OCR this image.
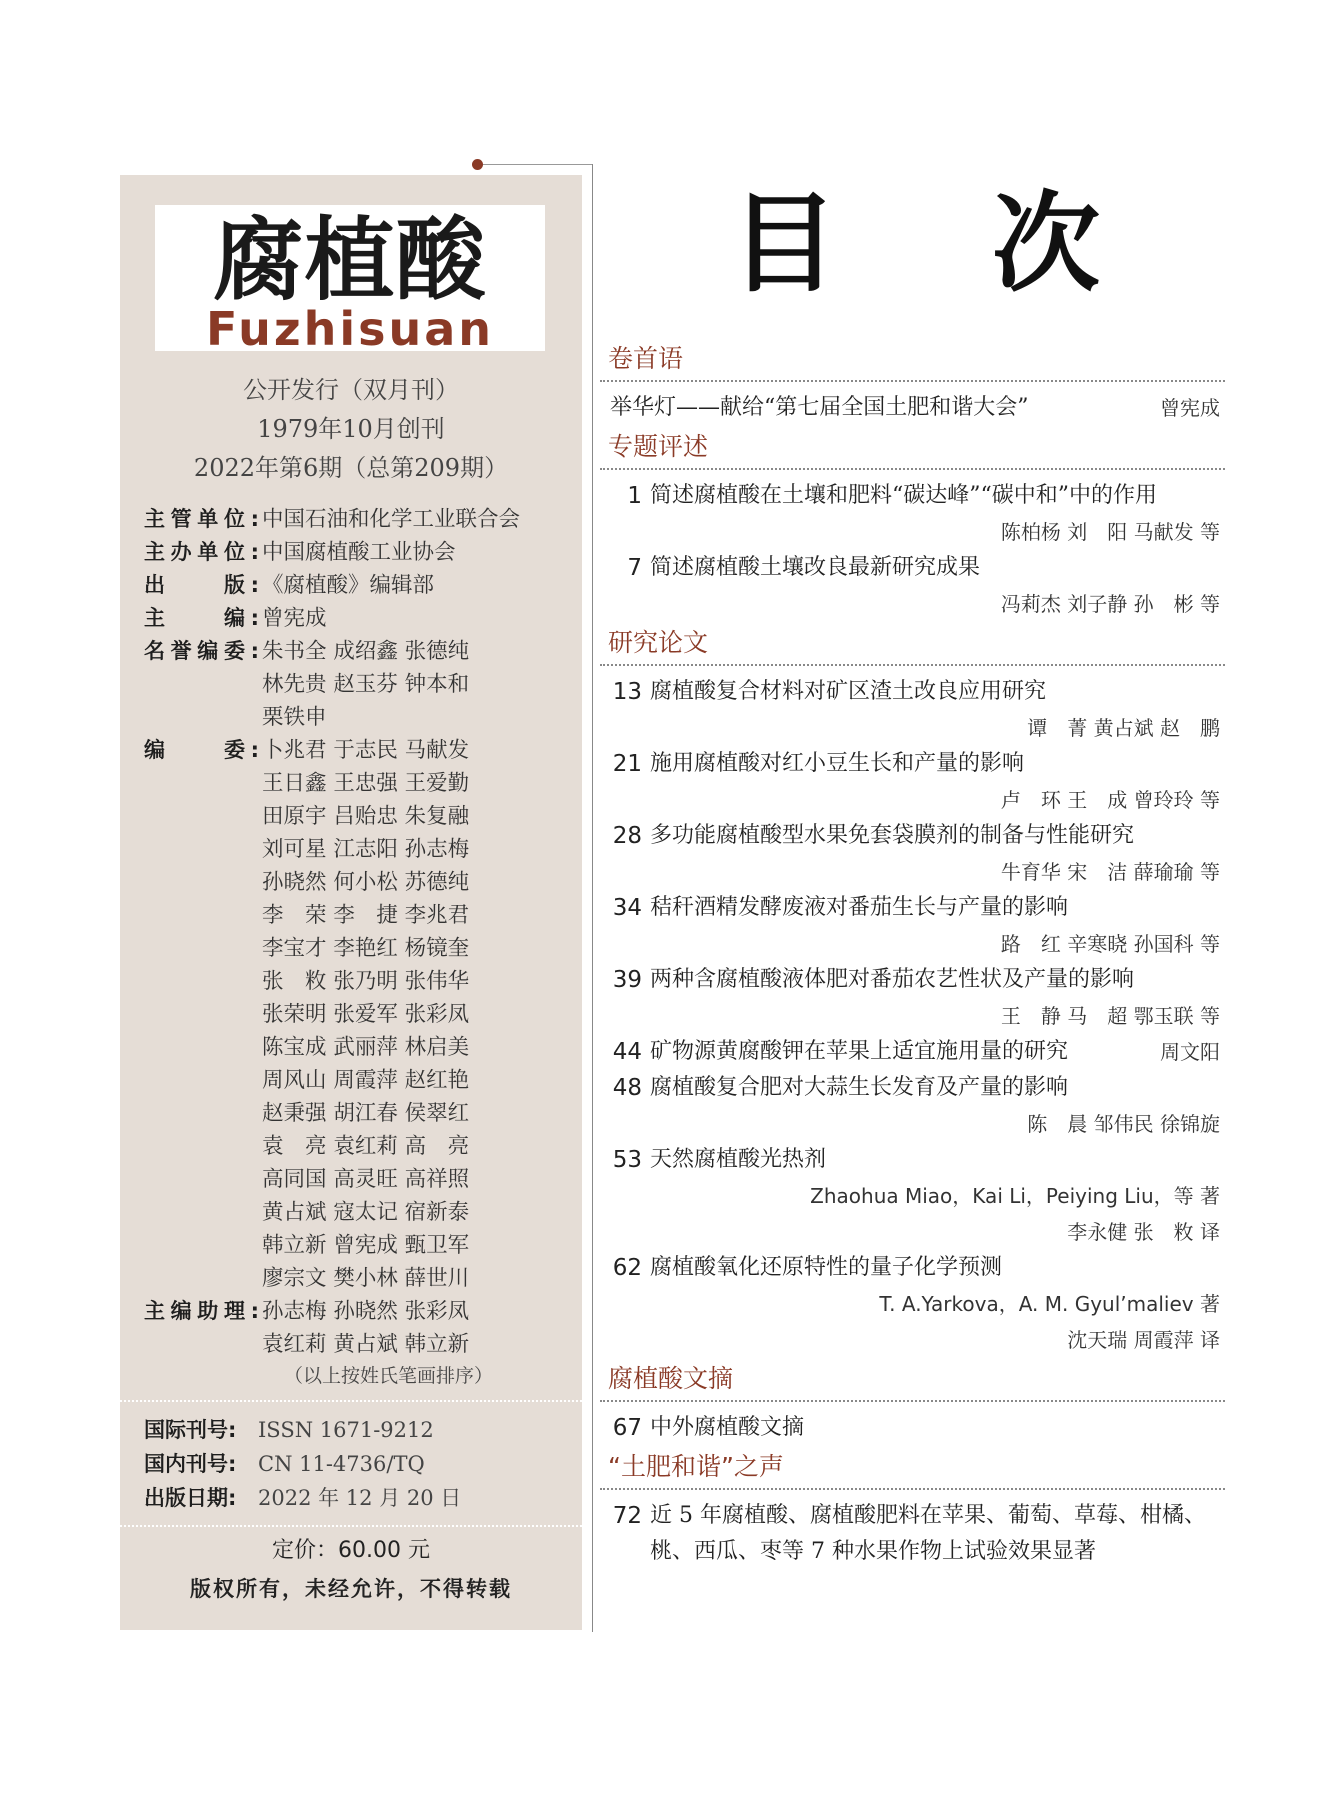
腐植酸
Fuzhisuan
公开发行（双月刊）
1979年10月创刊
2022年第6期（总第209期）
主管单位: 中国石油和化学工业联合会
主办单位: 中国腐植酸工业协会
出　　版: 《腐植酸》编辑部
主　　编: 曾宪成
名誉编委: 朱书全 成绍鑫 张德纯
林先贵 赵玉芬 钟本和
栗铁申
编　　委: 卜兆君 于志民 马献发
王日鑫 王忠强 王爱勤
田原宇 吕贻忠 朱复融
刘可星 江志阳 孙志梅
孙晓然 何小松 苏德纯
李　荣 李　捷 李兆君
李宝才 李艳红 杨镜奎
张　敉 张乃明 张伟华
张荣明 张爱军 张彩凤
陈宝成 武丽萍 林启美
周风山 周霞萍 赵红艳
赵秉强 胡江春 侯翠红
袁　亮 袁红莉 高　亮
高同国 高灵旺 高祥照
黄占斌 寇太记 宿新泰
韩立新 曾宪成 甄卫军
廖宗文 樊小林 薛世川
主编助理: 孙志梅 孙晓然 张彩凤
袁红莉 黄占斌 韩立新
（以上按姓氏笔画排序）
国际刊号:	ISSN 1671-9212
国内刊号:	CN 11-4736/TQ
出版日期:	2022 年 12 月 20 日
定价：60.00 元
版权所有，未经允许，不得转载
目 次
卷首语
举华灯——献给“第七届全国土肥和谐大会”	曾宪成
专题评述
1 简述腐植酸在土壤和肥料“碳达峰”“碳中和”中的作用
陈柏杨 刘　阳 马献发 等
7 简述腐植酸土壤改良最新研究成果
冯莉杰 刘子静 孙　彬 等
研究论文
13 腐植酸复合材料对矿区渣土改良应用研究
谭　菁 黄占斌 赵　鹏
21 施用腐植酸对红小豆生长和产量的影响
卢　环 王　成 曾玲玲 等
28 多功能腐植酸型水果免套袋膜剂的制备与性能研究
牛育华 宋　洁 薛瑜瑜 等
34 秸秆酒精发酵废液对番茄生长与产量的影响
路　红 辛寒晓 孙国科 等
39 两种含腐植酸液体肥对番茄农艺性状及产量的影响
王　静 马　超 鄂玉联 等
44 矿物源黄腐酸钾在苹果上适宜施用量的研究	周文阳
48 腐植酸复合肥对大蒜生长发育及产量的影响
陈　晨 邹伟民 徐锦旋
53 天然腐植酸光热剂
Zhaohua Miao，Kai Li，Peiying Liu，等 著
李永健 张　敉 译
62 腐植酸氧化还原特性的量子化学预测
T. A.Yarkova，A. M. Gyul’maliev 著
沈天瑞 周霞萍 译
腐植酸文摘
67 中外腐植酸文摘
“土肥和谐”之声
72 近 5 年腐植酸、腐植酸肥料在苹果、葡萄、草莓、柑橘、
桃、西瓜、枣等 7 种水果作物上试验效果显著
